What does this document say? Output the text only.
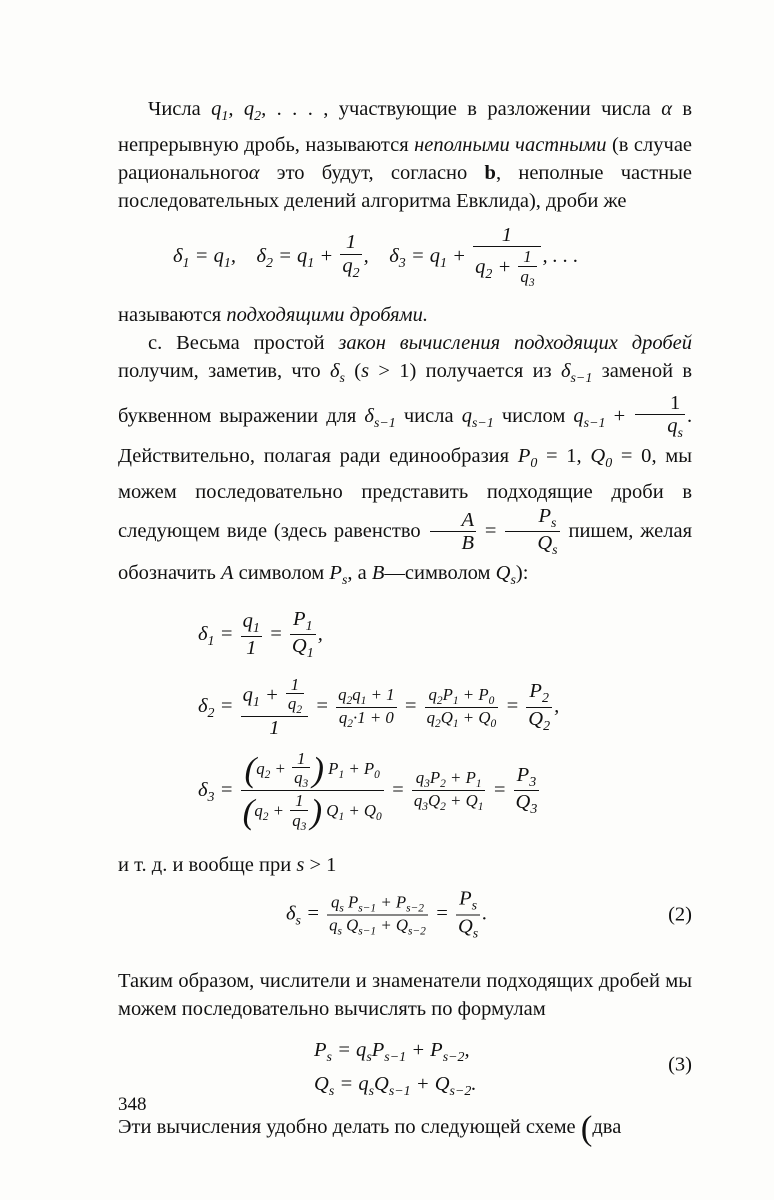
Числа $q_1$, $q_2$, . . . , участвующие в разложении числа α в непрерывную дробь, называются неполными частными (в случае рациональногоα это будут, согласно b, неполные частные последовательных делений алгоритма Евклида), дроби же

$\delta_1 = q_1$, $\delta_2 = q_1 + \frac{1}{q_2}$ , $\delta_3 = q_1 + \frac{1}{q_2 + \frac{1}{q_3}}$ , . . .

называются подходящими дробями.

c. Весьма простой закон вычисления подходящих дробей получим, заметив, что $\delta_s$ (s > 1) получается из $\delta_{s-1}$ заменой в буквенном выражении для $\delta_{s-1}$ числа $q_{s-1}$ числом $q_{s-1} + \frac{1}{q_s}$ . Действительно, полагая ради единообразия $P_0 = 1$, $Q_0 = 0$, мы можем последовательно представить подходящие дроби в следующем виде (здесь равенство $\frac{A}{B} = \frac{P_s}{Q_s}$ пишем, желая обозначить A символом $P_s$, а B—символом $Q_s$):

$\delta_1 = \frac{q_1}{1} = \frac{P_1}{Q_1}$ ,
$\delta_2 = \frac{q_1 + \frac{1}{q_2}}{1} = \frac{q_2q_1 + 1}{q_2\cdot 1 + 0} = \frac{q_2P_1 + P_0}{q_2Q_1 + Q_0} = \frac{P_2}{Q_2}$ ,
$\delta_3 = \frac{(q_2 + \frac{1}{q_3} ) P_1 + P_0}{(q_2 + \frac{1}{q_3} ) Q_1 + Q_0} = \frac{q_3P_2 + P_1}{q_3Q_2 + Q_1} = \frac{P_3}{Q_3}$

и т. д. и вообще при s > 1

$\delta_s = \frac{q_s P_{s-1} + P_{s-2}}{q_s Q_{s-1} + Q_{s-2}} = \frac{P_s}{Q_s}$ .	(2)

Таким образом, числители и знаменатели подходящих дробей мы можем последовательно вычислять по формулам

$P_s = q_sP_{s-1} + P_{s-2}$,
$Q_s = q_sQ_{s-1} + Q_{s-2}$.
(3)

Эти вычисления удобно делать по следующей схеме (два

348
